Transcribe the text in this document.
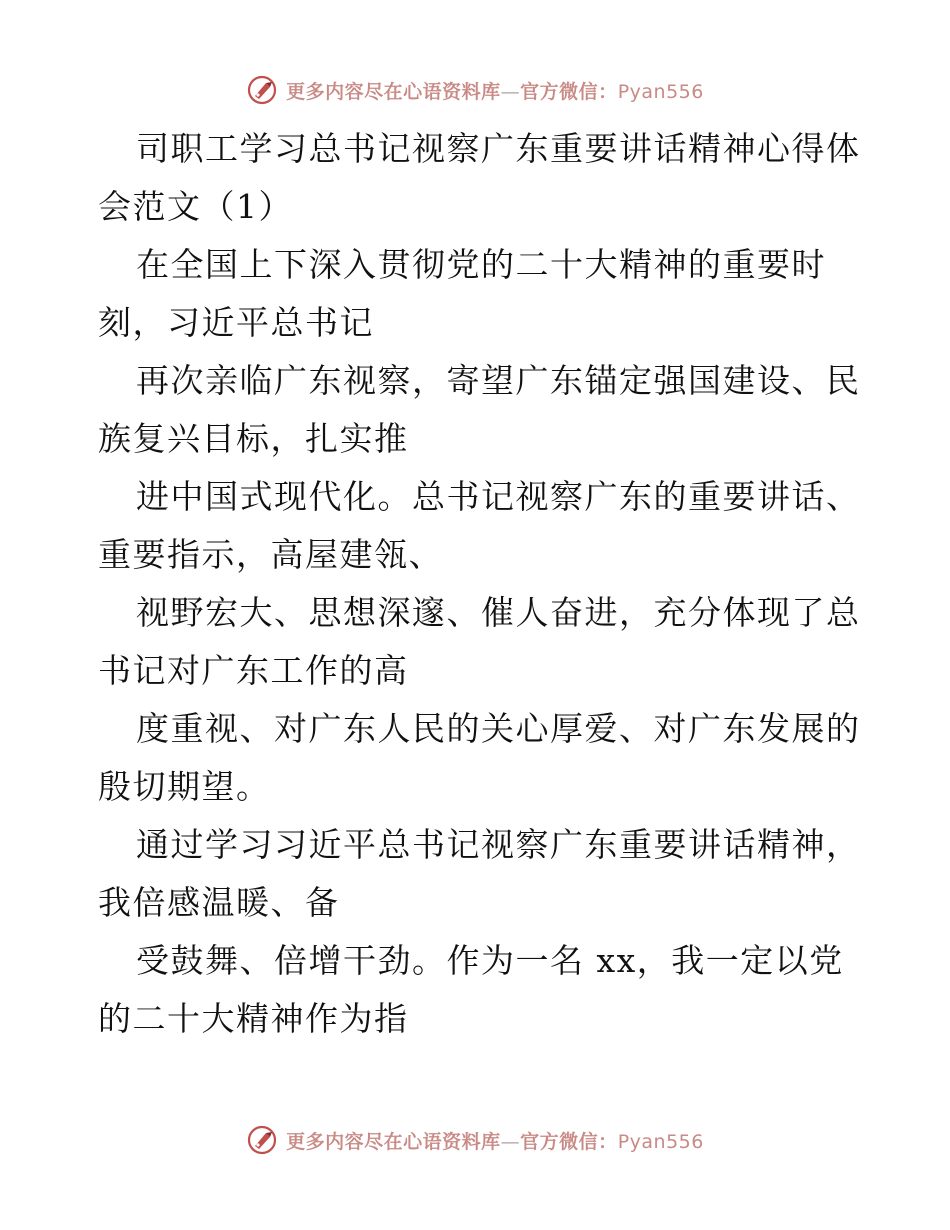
更多内容尽在心语资料库—官方微信：Pyan556
司职工学习总书记视察广东重要讲话精神心得体
会范文（1）
在全国上下深入贯彻党的二十大精神的重要时
刻，习近平总书记
再次亲临广东视察，寄望广东锚定强国建设、民
族复兴目标，扎实推
进中国式现代化。总书记视察广东的重要讲话、
重要指示，高屋建瓴、
视野宏大、思想深邃、催人奋进，充分体现了总
书记对广东工作的高
度重视、对广东人民的关心厚爱、对广东发展的
殷切期望。
通过学习习近平总书记视察广东重要讲话精神，
我倍感温暖、备
受鼓舞、倍增干劲。作为一名 xx，我一定以党
的二十大精神作为指
更多内容尽在心语资料库—官方微信：Pyan556
